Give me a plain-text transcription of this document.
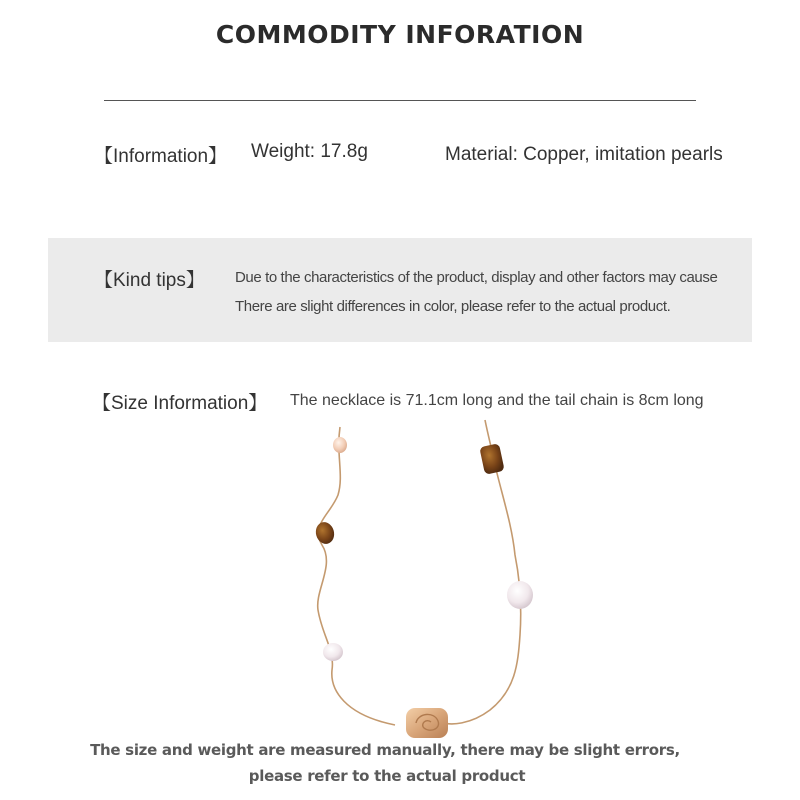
COMMODITY INFORATION
【Information】 Weight: 17.8g	Material: Copper, imitation pearls
【Kind tips】 Due to the characteristics of the product, display and other factors may cause
There are slight differences in color, please refer to the actual product.
【Size Information】 The necklace is 71.1cm long and the tail chain is 8cm long
The size and weight are measured manually, there may be slight errors,
please refer to the actual product
